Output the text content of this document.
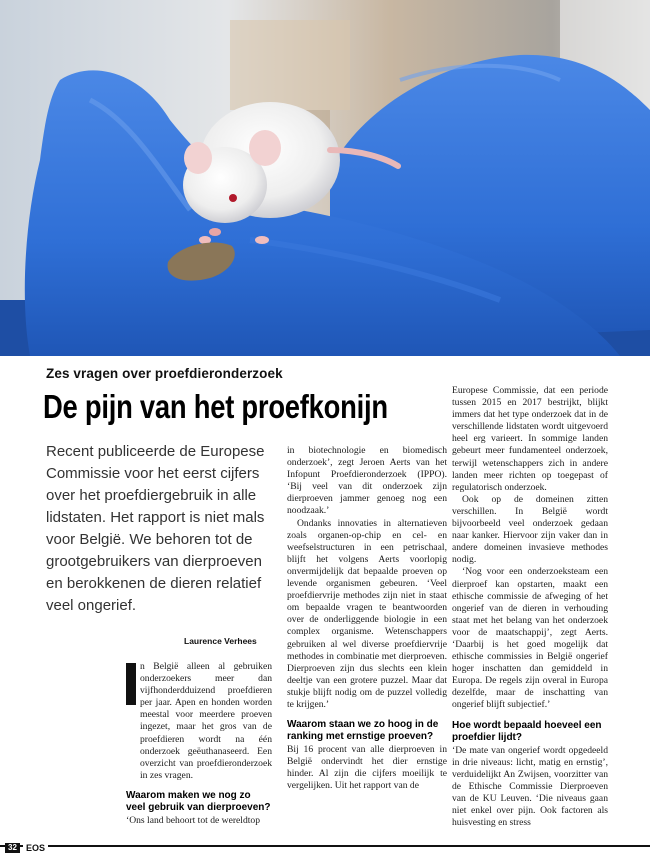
Zes vragen over proefdieronderzoek
De pijn van het proefkonijn
Recent publiceerde de Europese Commissie voor het eerst cijfers over het proefdiergebruik in alle lidstaten. Het rapport is niet mals voor België. We behoren tot de grootgebruikers van dierproeven en berokkenen de dieren relatief veel ongerief.
Laurence Verhees

n België alleen al gebruiken onderzoekers meer dan vijfhonderdduizend proefdieren per jaar. Apen en honden worden meestal voor meerdere proeven ingezet, maar het gros van de proefdieren wordt na één onderzoek geëuthanaseerd. Een overzicht van proefdieronderzoek in zes vragen.

Waarom maken we nog zo veel gebruik van dierproeven?

‘Ons land behoort tot de wereldtop

in biotechnologie en biomedisch onderzoek’, zegt Jeroen Aerts van het Infopunt Proefdieronderzoek (IPPO). ‘Bij veel van dit onderzoek zijn dierproeven jammer genoeg nog een noodzaak.’

Ondanks innovaties in alternatieven zoals organen-op-chip en cel- en weefselstructuren in een petrischaal, blijft het volgens Aerts voorlopig onvermijdelijk dat bepaalde proeven op levende organismen gebeuren. ‘Veel proefdiervrije methodes zijn niet in staat om bepaalde vragen te beantwoorden over de onderliggende biologie in een complex organisme. Wetenschappers gebruiken al wel diverse proefdiervrije methodes in combinatie met dierproeven. Dierproeven zijn dus slechts een klein deeltje van een grotere puzzel. Maar dat stukje blijft nodig om de puzzel volledig te krijgen.’

Waarom staan we zo hoog in de ranking met ernstige proeven?

Bij 16 procent van alle dierproeven in België ondervindt het dier ernstige hinder. Al zijn die cijfers moeilijk te vergelijken. Uit het rapport van de

Europese Commissie, dat een periode tussen 2015 en 2017 bestrijkt, blijkt immers dat het type onderzoek dat in de verschillende lidstaten wordt uitgevoerd heel erg varieert. In sommige landen gebeurt meer fundamenteel onderzoek, terwijl wetenschappers zich in andere landen meer richten op toegepast of regulatorisch onderzoek.

Ook op de domeinen zitten verschillen. In België wordt bijvoorbeeld veel onderzoek gedaan naar kanker. Hiervoor zijn vaker dan in andere domeinen invasieve methodes nodig.

‘Nog voor een onderzoeksteam een dierproef kan opstarten, maakt een ethische commissie de afweging of het ongerief van de dieren in verhouding staat met het belang van het onderzoek voor de maatschappij’, zegt Aerts. ‘Daarbij is het goed mogelijk dat ethische commissies in België ongerief hoger inschatten dan gemiddeld in Europa. De regels zijn overal in Europa dezelfde, maar de inschatting van ongerief blijft subjectief.’

Hoe wordt bepaald hoeveel een proefdier lijdt?

‘De mate van ongerief wordt opgedeeld in drie niveaus: licht, matig en ernstig’, verduidelijkt An Zwijsen, voorzitter van de Ethische Commissie Dierproeven van de KU Leuven. ‘Die niveaus gaan niet enkel over pijn. Ook factoren als huisvesting en stress

32	EOS
